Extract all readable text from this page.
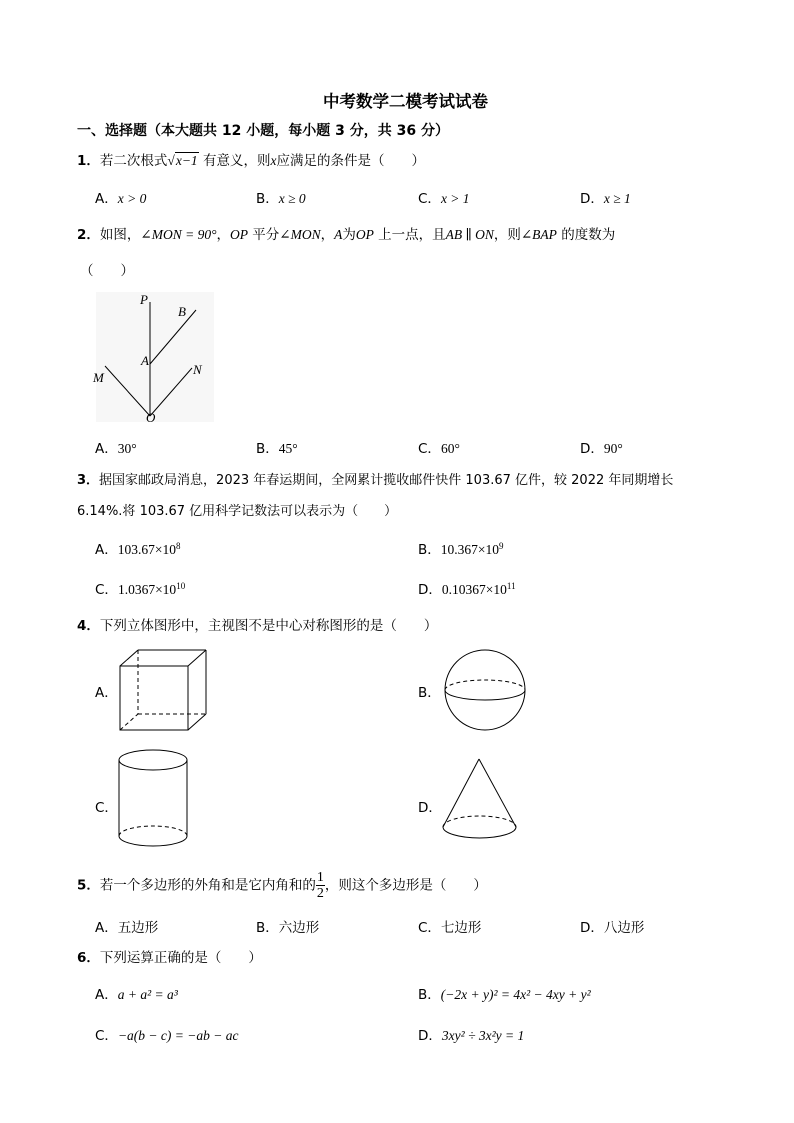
中考数学二模考试试卷
一、选择题（本大题共 12 小题，每小题 3 分，共 36 分）
1．若二次根式√x−1 有意义，则x应满足的条件是（　　）
A．x > 0	B．x ≥ 0	C．x > 1	D．x ≥ 1
2．如图，∠MON = 90°，OP 平分∠MON，A为OP 上一点，且AB ∥ ON，则∠BAP 的度数为
（　　）
P
B
A
M
N
O
A．30°	B．45°	C．60°	D．90°
3．据国家邮政局消息，2023 年春运期间，全网累计揽收邮件快件 103.67 亿件，较 2022 年同期增长
6.14%.将 103.67 亿用科学记数法可以表示为（　　）
A．$103.67\times 10^8$	B．$10.367\times 10^9$
C．$1.0367\times 10^{10}$	D．$0.10367\times 10^{11}$
4．下列立体图形中，主视图不是中心对称图形的是（　　）
A．	B．
C．	D．
5．若一个多边形的外角和是它内角和的 $\frac{1}{2}$ ，则这个多边形是（　　）
A．五边形	B．六边形	C．七边形	D．八边形
6．下列运算正确的是（　　）
A．a + a² = a³	B．(−2x + y)² = 4x² − 4xy + y²
C．−a(b − c) = −ab − ac	D．3xy² ÷ 3x²y = 1
